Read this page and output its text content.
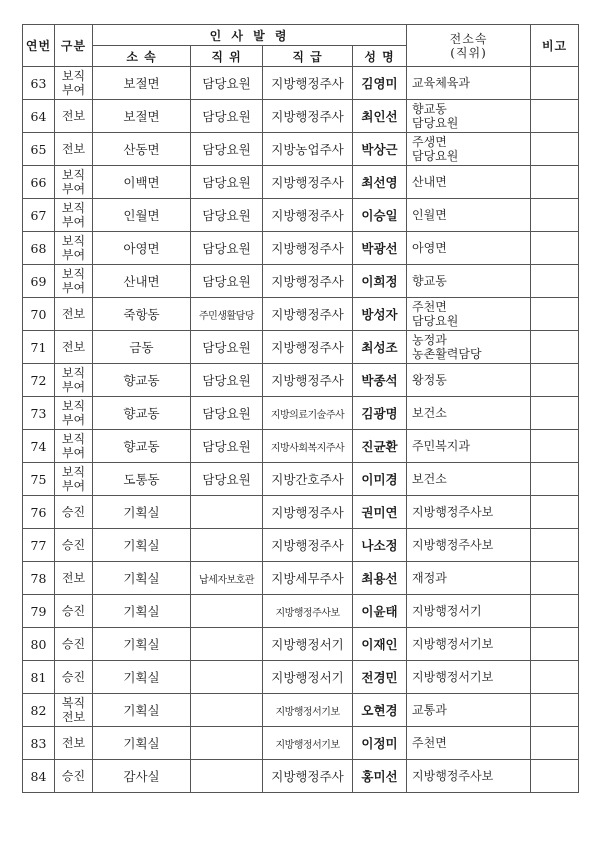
연번	구분	인 사 발 령				전소속
(직위)	비고
		소 속	직 위	직 급	성 명		
63	보직
부여	보절면	담당요원	지방행정주사	김영미	교육체육과	
64	전보	보절면	담당요원	지방행정주사	최인선	향교동
담당요원	
65	전보	산동면	담당요원	지방농업주사	박상근	주생면
담당요원	
66	보직
부여	이백면	담당요원	지방행정주사	최선영	산내면	
67	보직
부여	인월면	담당요원	지방행정주사	이승일	인월면	
68	보직
부여	아영면	담당요원	지방행정주사	박광선	아영면	
69	보직
부여	산내면	담당요원	지방행정주사	이희정	향교동	
70	전보	죽항동	주민생활담당	지방행정주사	방성자	주천면
담당요원	
71	전보	금동	담당요원	지방행정주사	최성조	농정과
농촌활력담당	
72	보직
부여	향교동	담당요원	지방행정주사	박종석	왕정동	
73	보직
부여	향교동	담당요원	지방의료기술주사	김광명	보건소	
74	보직
부여	향교동	담당요원	지방사회복지주사	진균환	주민복지과	
75	보직
부여	도통동	담당요원	지방간호주사	이미경	보건소	
76	승진	기획실		지방행정주사	권미연	지방행정주사보	
77	승진	기획실		지방행정주사	나소정	지방행정주사보	
78	전보	기획실	납세자보호관	지방세무주사	최용선	재정과	
79	승진	기획실		지방행정주사보	이윤태	지방행정서기	
80	승진	기획실		지방행정서기	이재인	지방행정서기보	
81	승진	기획실		지방행정서기	전경민	지방행정서기보	
82	복직
전보	기획실		지방행정서기보	오현경	교통과	
83	전보	기획실		지방행정서기보	이정미	주천면	
84	승진	감사실		지방행정주사	홍미선	지방행정주사보	
